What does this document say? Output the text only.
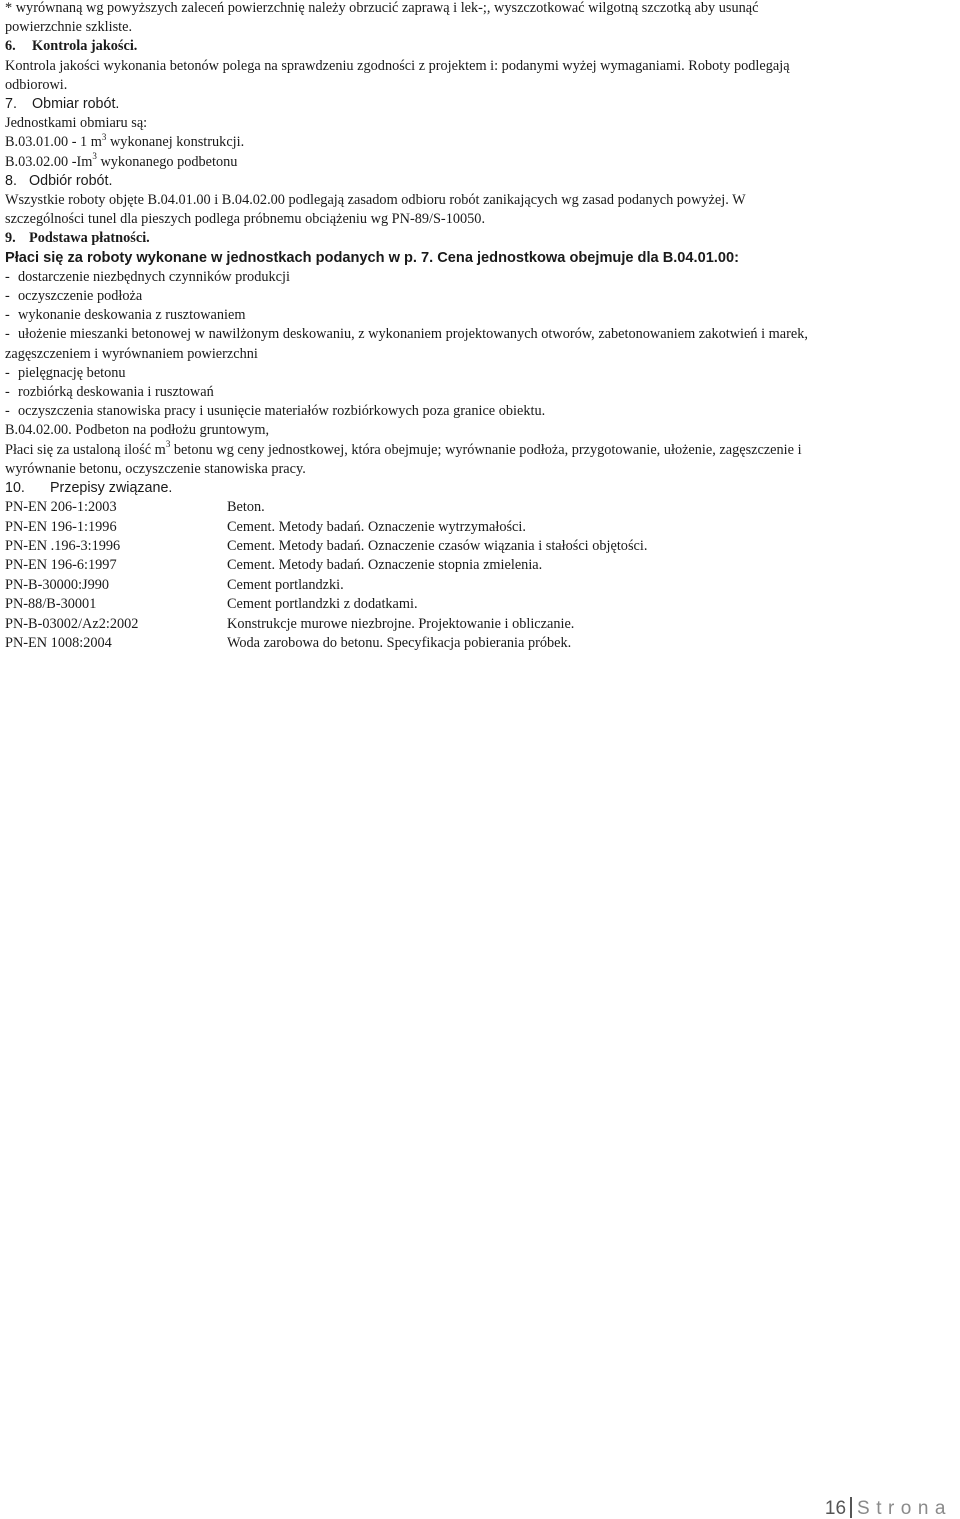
* wyrównaną wg powyższych zaleceń powierzchnię należy obrzucić zaprawą i lek-;, wyszczotkować wilgotną szczotką aby usunąć
powierzchnie szkliste.
6. Kontrola jakości.
Kontrola jakości wykonania betonów polega na sprawdzeniu zgodności z projektem i: podanymi wyżej wymaganiami. Roboty podlegają
odbiorowi.
7. Obmiar robót.
Jednostkami obmiaru są:
B.03.01.00 - 1 $m^3$ wykonanej konstrukcji.
B.03.02.00 -Im$^3$ wykonanego podbetonu
8. Odbiór robót.
Wszystkie roboty objęte B.04.01.00 i B.04.02.00 podlegają zasadom odbioru robót zanikających wg zasad podanych powyżej. W
szczególności tunel dla pieszych podlega próbnemu obciążeniu wg PN-89/S-10050.
9. Podstawa płatności.
Płaci się za roboty wykonane w jednostkach podanych w p. 7. Cena jednostkowa obejmuje dla B.04.01.00:
- dostarczenie niezbędnych czynników produkcji
- oczyszczenie podłoża
- wykonanie deskowania z rusztowaniem
- ułożenie mieszanki betonowej w nawilżonym deskowaniu, z wykonaniem projektowanych otworów, zabetonowaniem zakotwień i marek,
zagęszczeniem i wyrównaniem powierzchni
- pielęgnację betonu
- rozbiórką deskowania i rusztowań
- oczyszczenia stanowiska pracy i usunięcie materiałów rozbiórkowych poza granice obiektu.
B.04.02.00. Podbeton na podłożu gruntowym,
Płaci się za ustaloną ilość $m^3$ betonu wg ceny jednostkowej, która obejmuje; wyrównanie podłoża, przygotowanie, ułożenie, zagęszczenie i
wyrównanie betonu, oczyszczenie stanowiska pracy.
10. Przepisy związane.
PN-EN 206-1:2003	Beton.
PN-EN 196-1:1996	Cement. Metody badań. Oznaczenie wytrzymałości.
PN-EN .196-3:1996	Cement. Metody badań. Oznaczenie czasów wiązania i stałości objętości.
PN-EN 196-6:1997	Cement. Metody badań. Oznaczenie stopnia zmielenia.
PN-B-30000:J990	Cement portlandzki.
PN-88/B-30001	Cement portlandzki z dodatkami.
PN-B-03002/Az2:2002	Konstrukcje murowe niezbrojne. Projektowanie i obliczanie.
PN-EN 1008:2004	Woda zarobowa do betonu. Specyfikacja pobierania próbek.
16 Strona
